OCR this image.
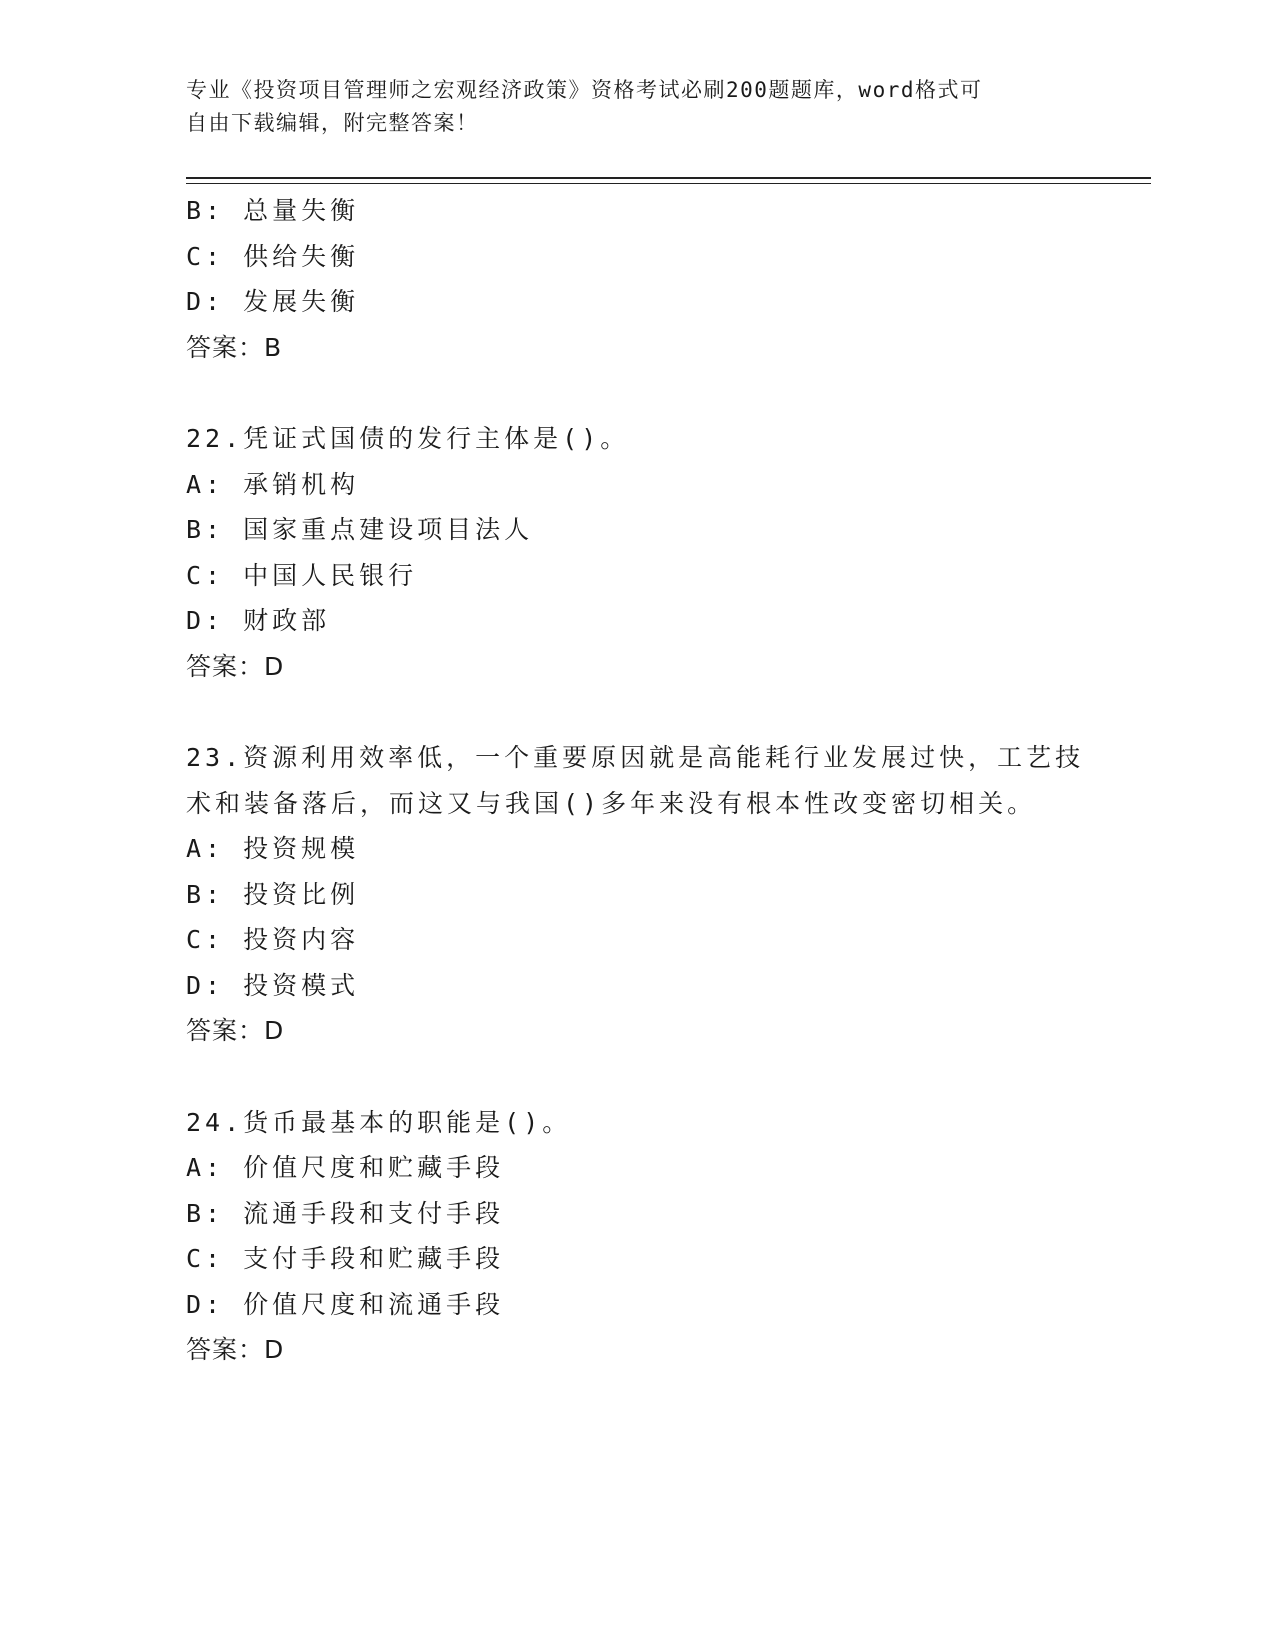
专业《投资项目管理师之宏观经济政策》资格考试必刷200题题库，word格式可
自由下载编辑，附完整答案！
B: 总量失衡
C: 供给失衡
D: 发展失衡
答案：B
22.凭证式国债的发行主体是()。
A: 承销机构
B: 国家重点建设项目法人
C: 中国人民银行
D: 财政部
答案：D
23.资源利用效率低，一个重要原因就是高能耗行业发展过快，工艺技
术和装备落后，而这又与我国()多年来没有根本性改变密切相关。
A: 投资规模
B: 投资比例
C: 投资内容
D: 投资模式
答案：D
24.货币最基本的职能是()。
A: 价值尺度和贮藏手段
B: 流通手段和支付手段
C: 支付手段和贮藏手段
D: 价值尺度和流通手段
答案：D
